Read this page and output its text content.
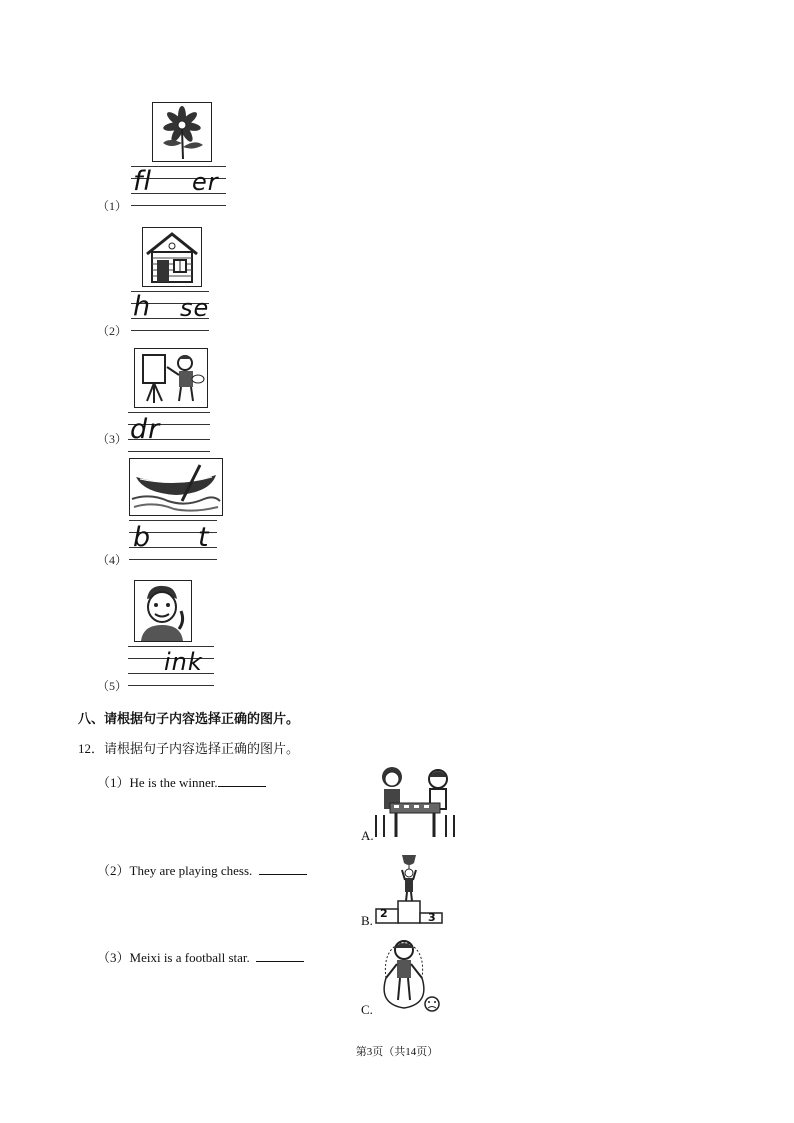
fl er
（1）
h se
（2）
dr
（3）
b t
（4）
ink
（5）
八、请根据句子内容选择正确的图片。
12．请根据句子内容选择正确的图片。
（1）He is the winner.
（2）They are playing chess.
（3）Meixi is a football star.
A.
2	3
B.
C.
第3页（共14页）
